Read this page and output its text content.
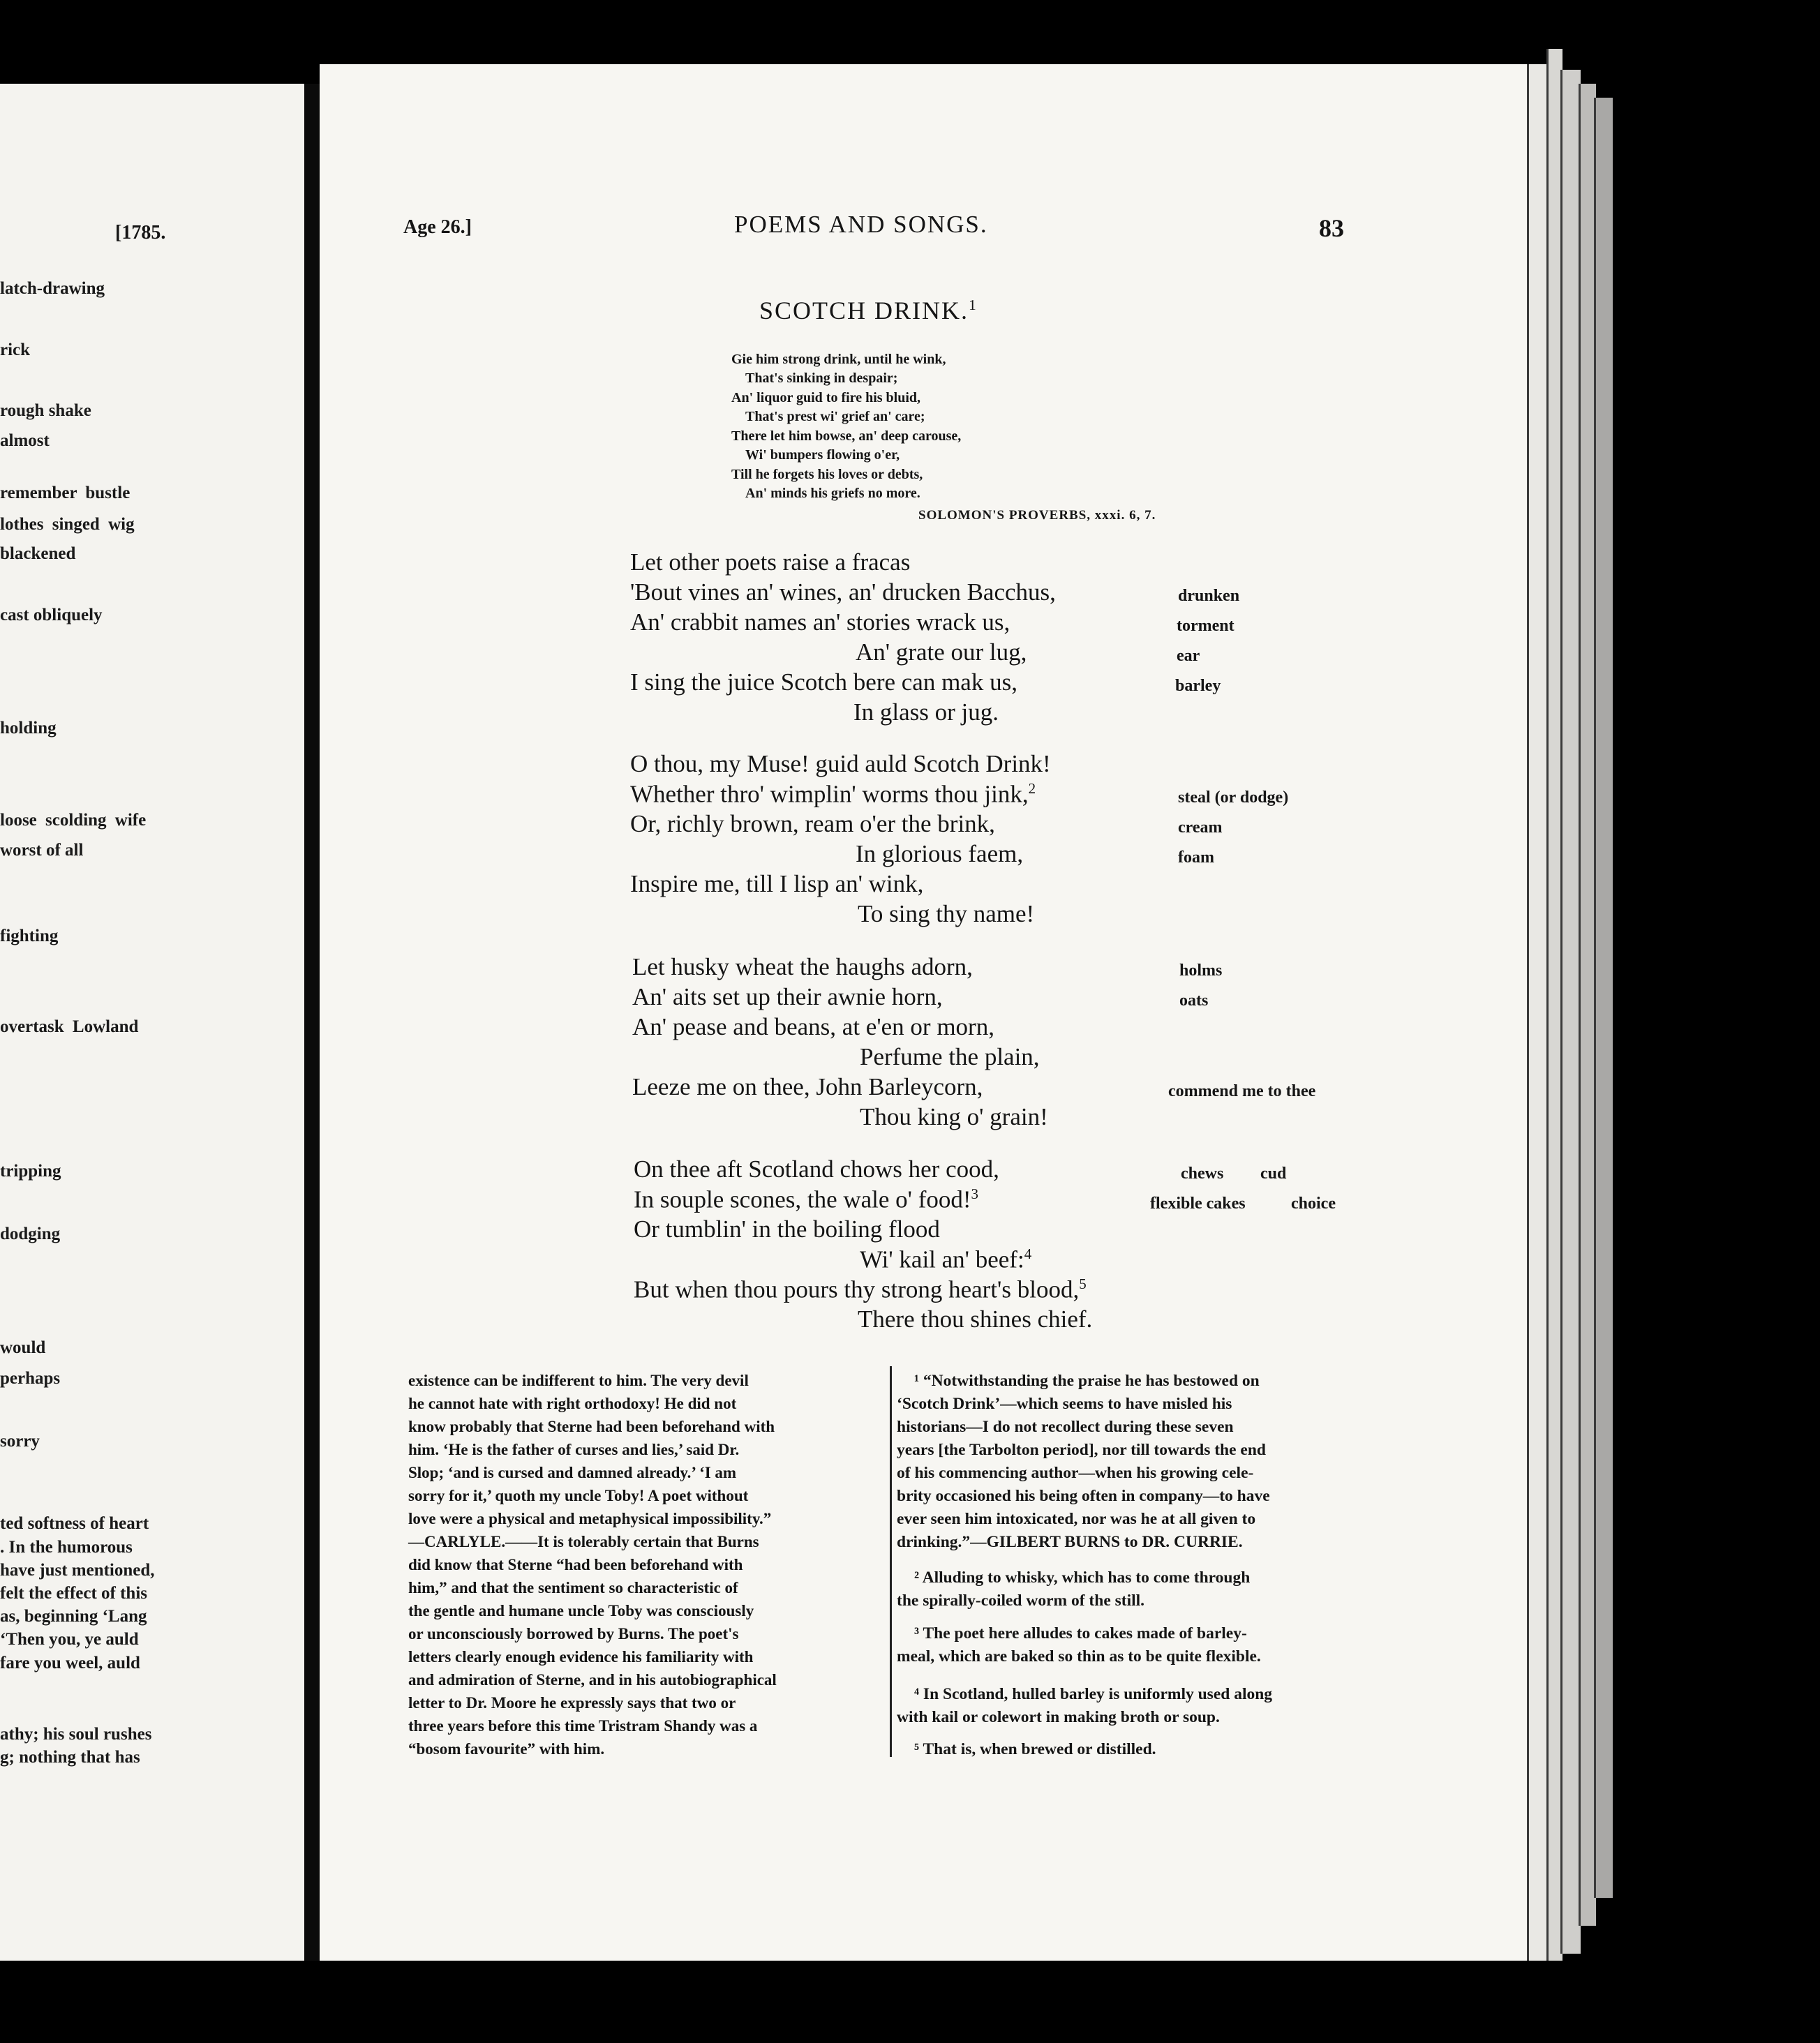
[1785.
latch-drawing
rick
rough shake
almost
remember bustle
lothes singed wig
blackened
cast obliquely
holding
loose scolding wife
worst of all
fighting
overtask Lowland
tripping
dodging
would
perhaps
sorry
ted softness of heart
. In the humorous
have just mentioned,
felt the effect of this
as, beginning ‘Lang
‘Then you, ye auld
fare you weel, auld
athy; his soul rushes
g; nothing that has
Age 26.]	POEMS AND SONGS.	83
SCOTCH DRINK.$^1$
Gie him strong drink, until he wink,
That's sinking in despair;
An' liquor guid to fire his bluid,
That's prest wi' grief an' care;
There let him bowse, an' deep carouse,
Wi' bumpers flowing o'er,
Till he forgets his loves or debts,
An' minds his griefs no more.
SOLOMON'S PROVERBS, xxxi. 6, 7.
Let other poets raise a fracas
'Bout vines an' wines, an' drucken Bacchus,
An' crabbit names an' stories wrack us,
An' grate our lug,
I sing the juice Scotch bere can mak us,
In glass or jug.
O thou, my Muse! guid auld Scotch Drink!
Whether thro' wimplin' worms thou jink,$^2$
Or, richly brown, ream o'er the brink,
In glorious faem,
Inspire me, till I lisp an' wink,
To sing thy name!
Let husky wheat the haughs adorn,
An' aits set up their awnie horn,
An' pease and beans, at e'en or morn,
Perfume the plain,
Leeze me on thee, John Barleycorn,
Thou king o' grain!
On thee aft Scotland chows her cood,
In souple scones, the wale o' food!$^3$
Or tumblin' in the boiling flood
Wi' kail an' beef:$^4$
But when thou pours thy strong heart's blood,$^5$
There thou shines chief.
drunken
torment
ear
barley
steal (or dodge)
cream
foam
holms
oats
commend me to thee
chews cud
flexible cakes	choice
existence can be indifferent to him. The very devil
he cannot hate with right orthodoxy! He did not
know probably that Sterne had been beforehand with
him. ‘He is the father of curses and lies,’ said Dr.
Slop; ‘and is cursed and damned already.’ ‘I am
sorry for it,’ quoth my uncle Toby! A poet without
love were a physical and metaphysical impossibility.”
—CARLYLE.——It is tolerably certain that Burns
did know that Sterne “had been beforehand with
him,” and that the sentiment so characteristic of
the gentle and humane uncle Toby was consciously
or unconsciously borrowed by Burns. The poet's
letters clearly enough evidence his familiarity with
and admiration of Sterne, and in his autobiographical
letter to Dr. Moore he expressly says that two or
three years before this time Tristram Shandy was a
“bosom favourite” with him.
¹ “Notwithstanding the praise he has bestowed on
‘Scotch Drink’—which seems to have misled his
historians—I do not recollect during these seven
years [the Tarbolton period], nor till towards the end
of his commencing author—when his growing cele-
brity occasioned his being often in company—to have
ever seen him intoxicated, nor was he at all given to
drinking.”—GILBERT BURNS to DR. CURRIE.
² Alluding to whisky, which has to come through
the spirally-coiled worm of the still.
³ The poet here alludes to cakes made of barley-
meal, which are baked so thin as to be quite flexible.
⁴ In Scotland, hulled barley is uniformly used along
with kail or colewort in making broth or soup.
⁵ That is, when brewed or distilled.
